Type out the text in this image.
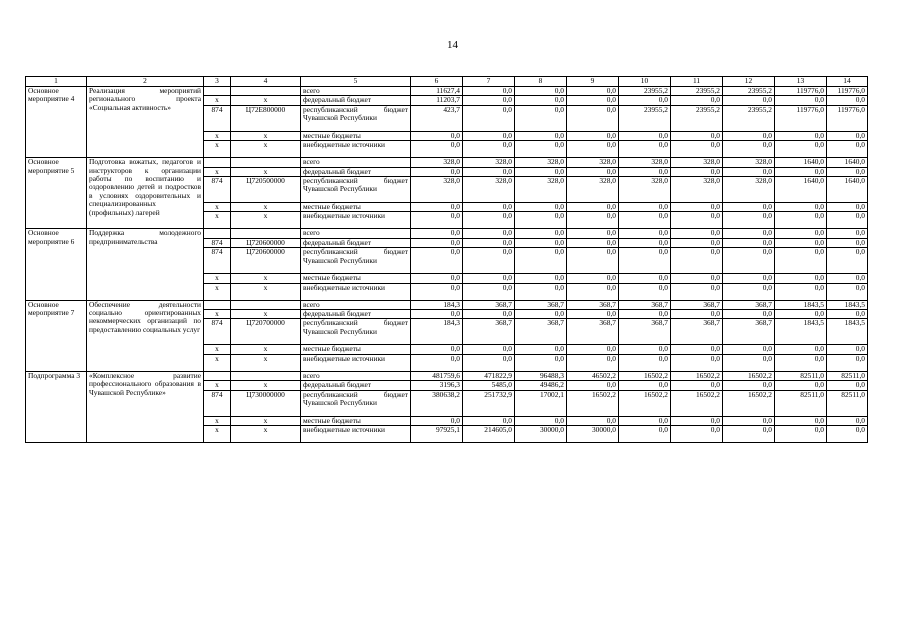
14
1	2	3	4	5	6	7	8	9	10	11	12	13	14
Основное мероприятие 4	Реализация мероприятий регионального проекта «Социальная активность»			всего	11627,4	0,0	0,0	0,0	23955,2	23955,2	23955,2	119776,0	119776,0
		x	x	федеральный бюджет	11203,7	0,0	0,0	0,0	0,0	0,0	0,0	0,0	0,0
		874	Ц72Е800000	республиканский бюджет Чувашской Республики	423,7	0,0	0,0	0,0	23955,2	23955,2	23955,2	119776,0	119776,0
		x	x	местные бюджеты	0,0	0,0	0,0	0,0	0,0	0,0	0,0	0,0	0,0
		x	x	внебюджетные источники	0,0	0,0	0,0	0,0	0,0	0,0	0,0	0,0	0,0
Основное мероприятие 5	Подготовка вожатых, педагогов и инструкторов к организации работы по воспитанию и оздоровлению детей и подростков в условиях оздоровительных и специализированных (профильных) лагерей			всего	328,0	328,0	328,0	328,0	328,0	328,0	328,0	1640,0	1640,0
		x	x	федеральный бюджет	0,0	0,0	0,0	0,0	0,0	0,0	0,0	0,0	0,0
		874	Ц720500000	республиканский бюджет Чувашской Республики	328,0	328,0	328,0	328,0	328,0	328,0	328,0	1640,0	1640,0
		x	x	местные бюджеты	0,0	0,0	0,0	0,0	0,0	0,0	0,0	0,0	0,0
		x	x	внебюджетные источники	0,0	0,0	0,0	0,0	0,0	0,0	0,0	0,0	0,0
Основное мероприятие 6	Поддержка молодежного предпринимательства			всего	0,0	0,0	0,0	0,0	0,0	0,0	0,0	0,0	0,0
		874	Ц720600000	федеральный бюджет	0,0	0,0	0,0	0,0	0,0	0,0	0,0	0,0	0,0
		874	Ц720600000	республиканский бюджет Чувашской Республики	0,0	0,0	0,0	0,0	0,0	0,0	0,0	0,0	0,0
		x	x	местные бюджеты	0,0	0,0	0,0	0,0	0,0	0,0	0,0	0,0	0,0
		x	x	внебюджетные источники	0,0	0,0	0,0	0,0	0,0	0,0	0,0	0,0	0,0
Основное мероприятие 7	Обеспечение деятельности социально ориентированных некоммерческих организаций по предоставлению социальных услуг			всего	184,3	368,7	368,7	368,7	368,7	368,7	368,7	1843,5	1843,5
		x	x	федеральный бюджет	0,0	0,0	0,0	0,0	0,0	0,0	0,0	0,0	0,0
		874	Ц720700000	республиканский бюджет Чувашской Республики	184,3	368,7	368,7	368,7	368,7	368,7	368,7	1843,5	1843,5
		x	x	местные бюджеты	0,0	0,0	0,0	0,0	0,0	0,0	0,0	0,0	0,0
		x	x	внебюджетные источники	0,0	0,0	0,0	0,0	0,0	0,0	0,0	0,0	0,0
Подпрограмма 3	«Комплексное развитие профессионального образования в Чувашской Республике»			всего	481759,6	471822,9	96488,3	46502,2	16502,2	16502,2	16502,2	82511,0	82511,0
		x	x	федеральный бюджет	3196,3	5485,0	49486,2	0,0	0,0	0,0	0,0	0,0	0,0
		874	Ц730000000	республиканский бюджет Чувашской Республики	380638,2	251732,9	17002,1	16502,2	16502,2	16502,2	16502,2	82511,0	82511,0
		x	x	местные бюджеты	0,0	0,0	0,0	0,0	0,0	0,0	0,0	0,0	0,0
		x	x	внебюджетные источники	97925,1	214605,0	30000,0	30000,0	0,0	0,0	0,0	0,0	0,0
